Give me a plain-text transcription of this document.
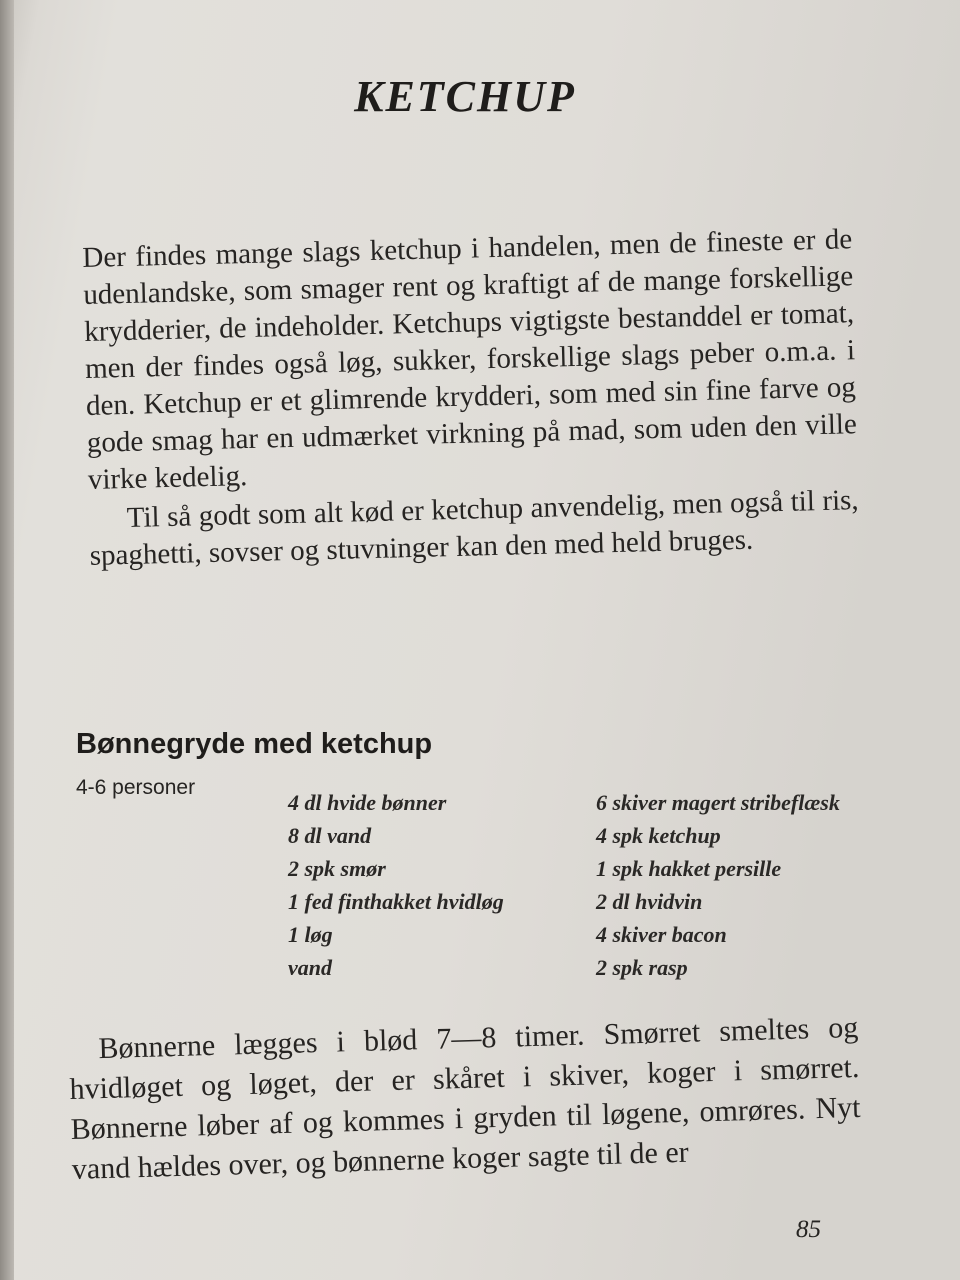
KETCHUP

Der findes mange slags ketchup i handelen, men de fineste er de udenlandske, som smager rent og kraftigt af de mange forskellige krydderier, de indeholder. Ketchups vigtigste bestanddel er tomat, men der findes også løg, sukker, forskellige slags peber o.m.a. i den. Ketchup er et glimrende krydderi, som med sin fine farve og gode smag har en udmærket virkning på mad, som uden den ville virke kedelig.

Til så godt som alt kød er ketchup anvendelig, men også til ris, spaghetti, sovser og stuvninger kan den med held bruges.

Bønnegryde med ketchup
4-6 personer
4 dl hvide bønner
8 dl vand
2 spk smør
1 fed finthakket hvidløg
1 løg
vand
6 skiver magert stribeflæsk
4 spk ketchup
1 spk hakket persille
2 dl hvidvin
4 skiver bacon
2 spk rasp

Bønnerne lægges i blød 7—8 timer. Smørret smeltes og hvidløget og løget, der er skåret i skiver, koger i smørret. Bønnerne løber af og kommes i gryden til løgene, omrøres. Nyt vand hældes over, og bønnerne koger sagte til de er

85
